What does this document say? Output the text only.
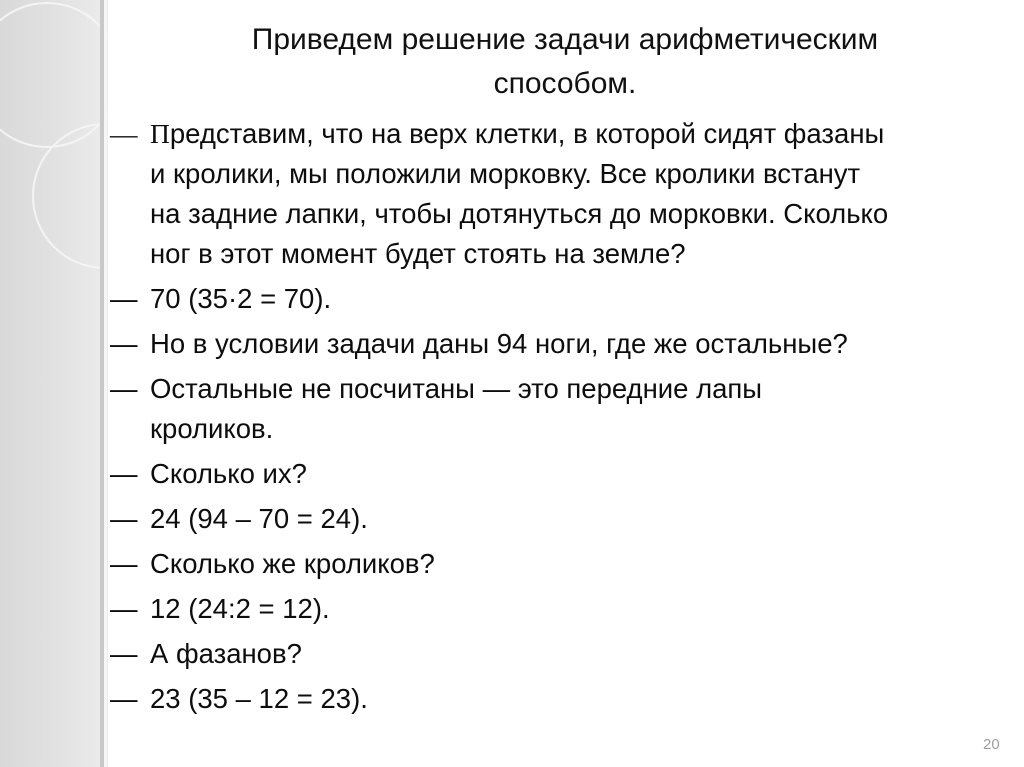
Приведем решение задачи арифметическим
способом.
— Представим, что на верх клетки, в которой сидят фазаны
и кролики, мы положили морковку. Все кролики встанут
на задние лапки, чтобы дотянуться до морковки. Сколько
ног в этот момент будет стоять на земле?
— 70 (35·2 = 70).
— Но в условии задачи даны 94 ноги, где же остальные?
— Остальные не посчитаны — это передние лапы
кроликов.
— Сколько их?
— 24 (94 – 70 = 24).
— Сколько же кроликов?
— 12 (24:2 = 12).
— А фазанов?
— 23 (35 – 12 = 23).
20
